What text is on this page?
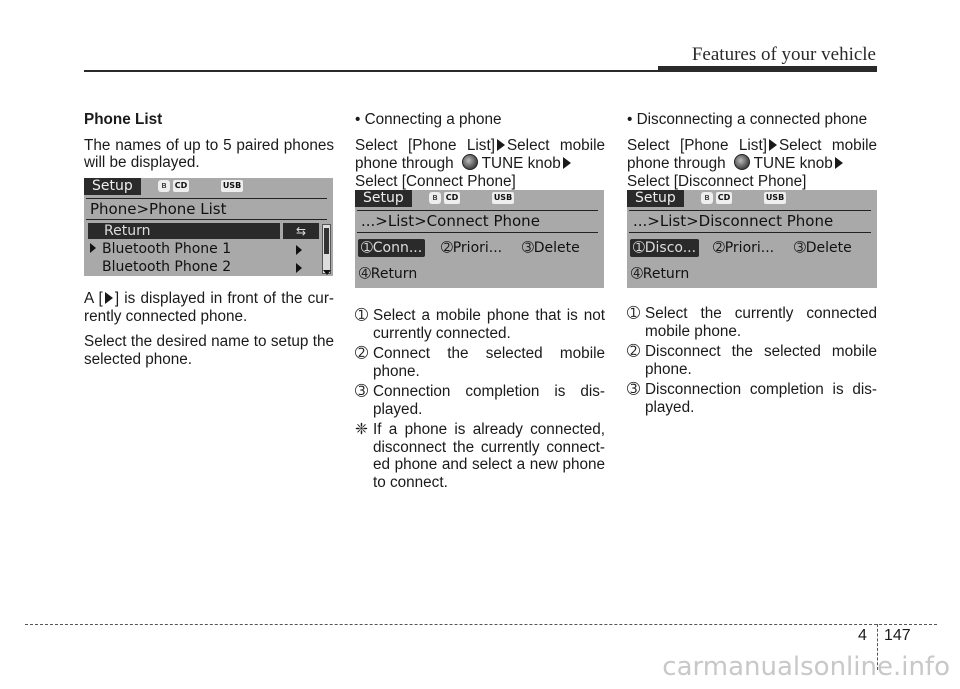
Features of your vehicle

Phone List

The names of up to 5 paired phones will be displayed.

Setup	ʙ	CD	USB
Phone>Phone List
Return	⇆
Bluetooth Phone 1
Bluetooth Phone 2

A [ ] is displayed in front of the cur-rently connected phone.

Select the desired name to setup the selected phone.

• Connecting a phone

Select [Phone List] Select mobile phone through TUNE knob
Select [Connect Phone]

Setup	ʙ	CD	USB
...>List>Connect Phone
➀Conn... ➁Priori... ➂Delete
➃Return
➀ Select a mobile phone that is not currently connected.
➁ Connect the selected mobile phone.
➂ Connection completion is dis-played.
❈ If a phone is already connected, disconnect the currently connect-ed phone and select a new phone to connect.

• Disconnecting a connected phone

Select [Phone List] Select mobile phone through TUNE knob
Select [Disconnect Phone]

Setup	ʙ	CD	USB
...>List>Disconnect Phone
➀Disco... ➁Priori... ➂Delete
➃Return
➀ Select the currently connected mobile phone.
➁ Disconnect the selected mobile phone.
➂ Disconnection completion is dis-played.
4 147
carmanualsonline.info
